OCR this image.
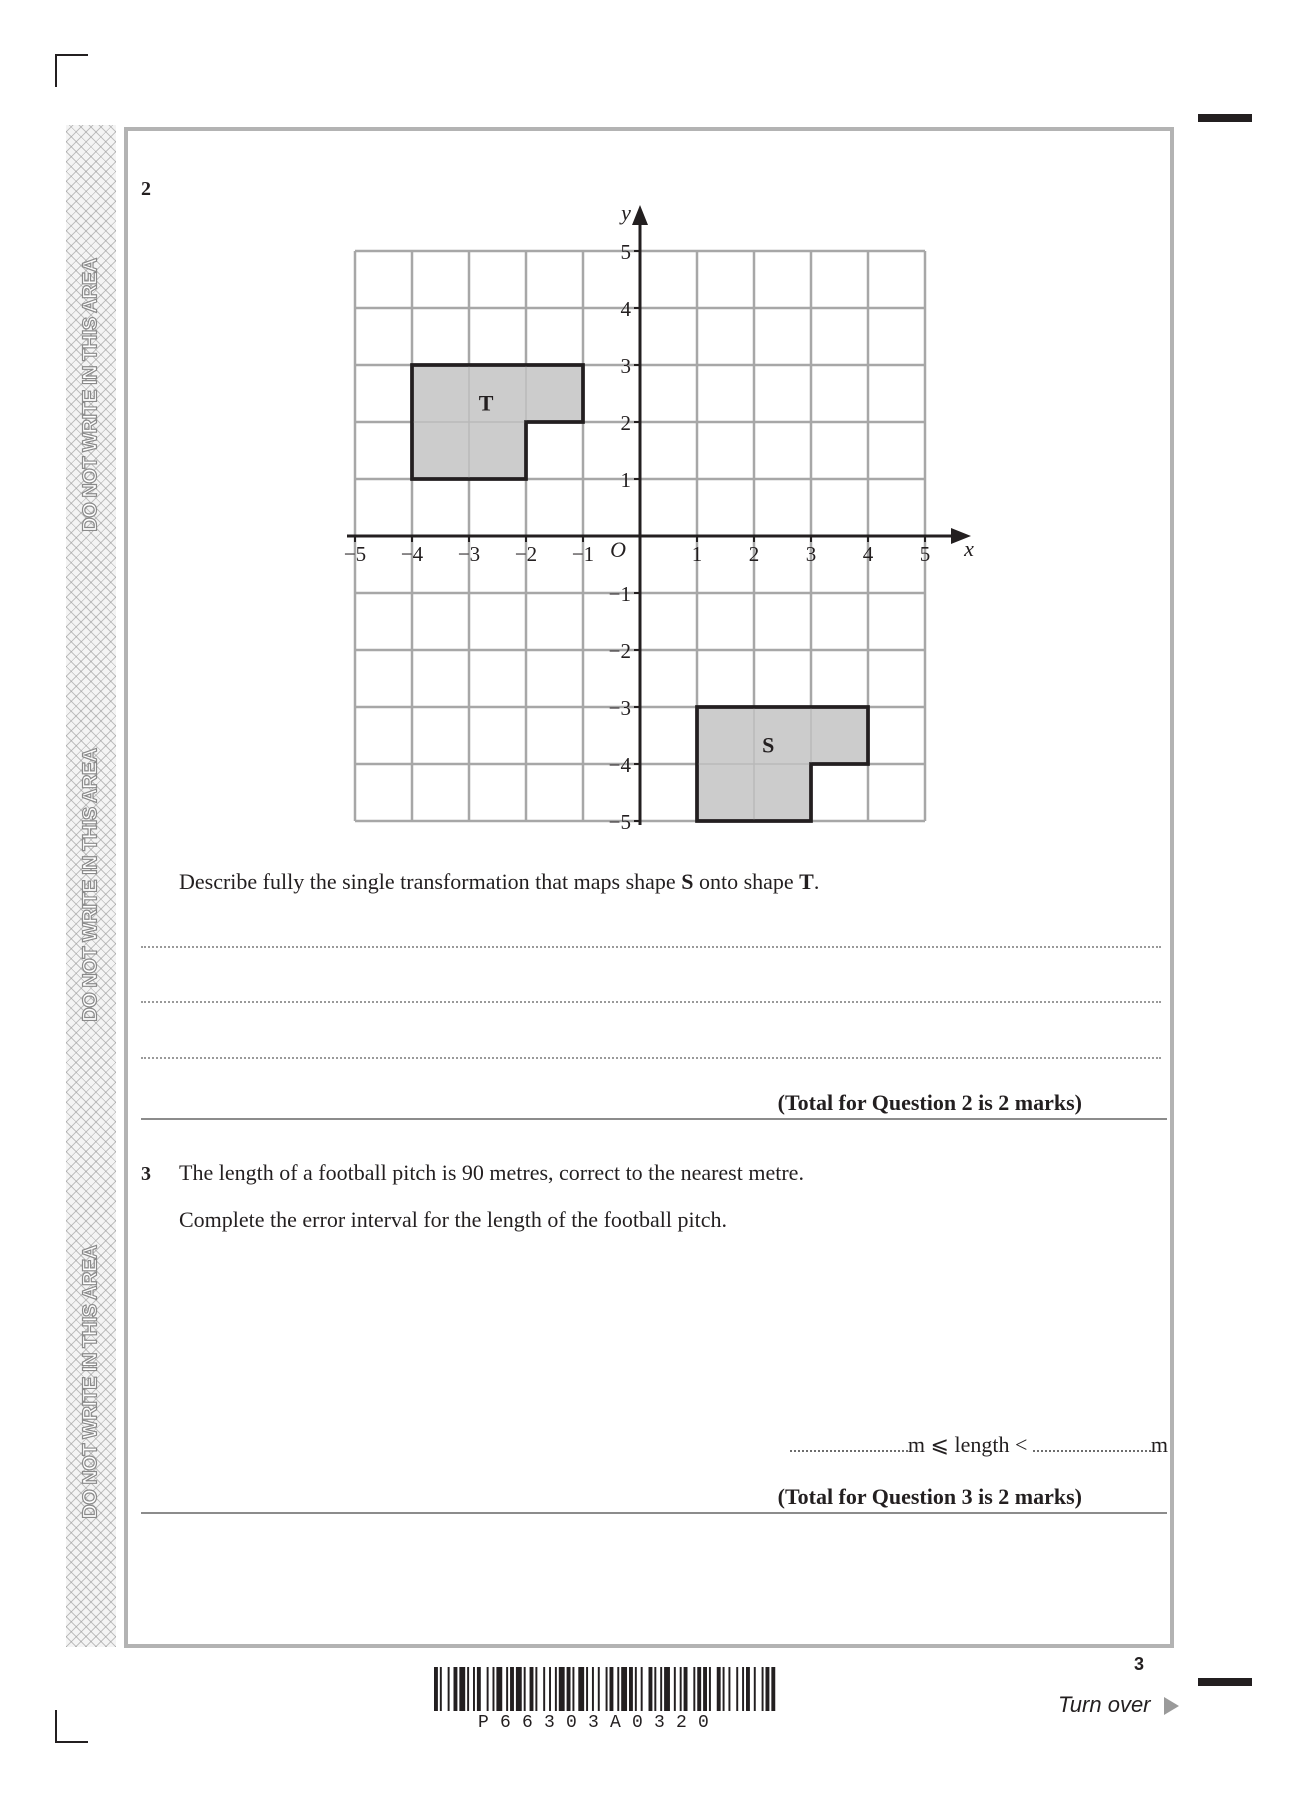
DO NOT WRITE IN THIS AREA
DO NOT WRITE IN THIS AREA
DO NOT WRITE IN THIS AREA
2
−5 −4 −3 −2 −1	1 2 3 4 5
5
4
3
2
1
−1
−2
−3
−4
−5
O	x
y
T
S
Describe fully the single transformation that maps shape S onto shape T.
(Total for Question 2 is 2 marks)
3 The length of a football pitch is 90 metres, correct to the nearest metre.
Complete the error interval for the length of the football pitch.
m ⩽ length <	m
(Total for Question 3 is 2 marks)
3
P66303A0320
Turn over
